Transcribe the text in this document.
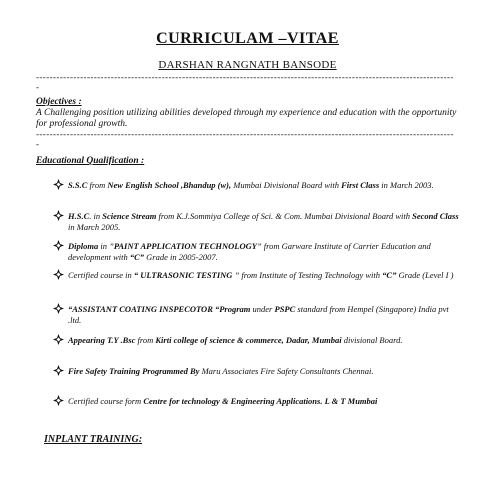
CURRICULAM –VITAE
DARSHAN RANGNATH BANSODE
---------------------------------------------------------------------------------------------------------------------------
-
Objectives :
A Challenging position utilizing abilities developed through my experience and education with the opportunity for professional growth.
---------------------------------------------------------------------------------------------------------------------------
-
Educational Qualification :
S.S.C from New English School ,Bhandup (w), Mumbai Divisional Board with First Class in March 2003.
H.S.C. in Science Stream from K.J.Sommiya College of Sci. & Com. Mumbai Divisional Board with Second Class in March 2005.
Diploma in ”PAINT APPLICATION TECHNOLOGY” from Garware Institute of Carrier Education and development with “C” Grade in 2005-2007.
Certified course in “ ULTRASONIC TESTING ” from Institute of Testing Technology with “C” Grade (Level I )
“ASSISTANT COATING INSPECOTOR “Program under PSPC standard from Hempel (Singapore) India pvt .ltd.
Appearing T.Y .Bsc from Kirti college of science & commerce, Dadar, Mumbai divisional Board.
Fire Safety Training Programmed By Maru Associates Fire Safety Consultants Chennai.
Certified course form Centre for technology & Engineering Applications. L & T Mumbai
INPLANT TRAINING:
